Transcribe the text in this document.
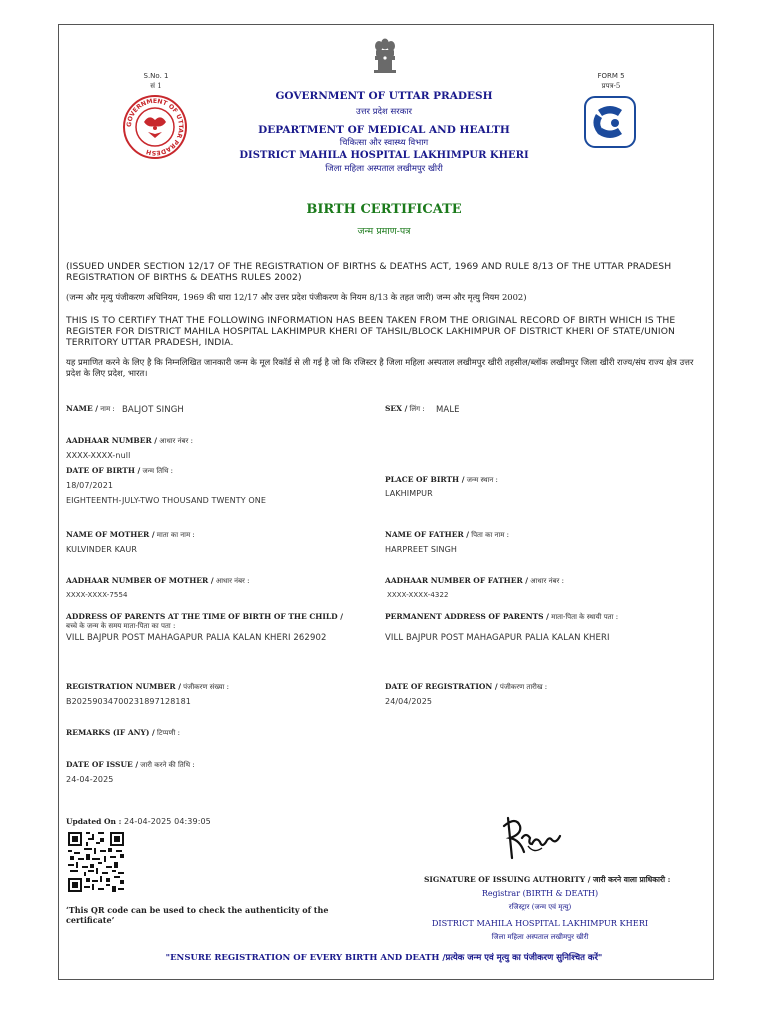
S.No. 1
सं 1
GOVERNMENT OF UTTAR PRADESH
FORM 5
प्रपत्र-5
GOVERNMENT OF UTTAR PRADESH
उत्तर प्रदेश सरकार
DEPARTMENT OF MEDICAL AND HEALTH
चिकित्सा और स्वास्थ्य विभाग
DISTRICT MAHILA HOSPITAL LAKHIMPUR KHERI
जिला महिला अस्पताल लखीमपुर खीरी
BIRTH CERTIFICATE
जन्म प्रमाण-पत्र
(ISSUED UNDER SECTION 12/17 OF THE REGISTRATION OF BIRTHS & DEATHS ACT, 1969 AND RULE 8/13 OF THE UTTAR PRADESH REGISTRATION OF BIRTHS & DEATHS RULES 2002)
(जन्म और मृत्यु पंजीकरण अधिनियम, 1969 की धारा 12/17 और उत्तर प्रदेश पंजीकरण के नियम 8/13 के तहत जारी) जन्म और मृत्यु नियम 2002)
THIS IS TO CERTIFY THAT THE FOLLOWING INFORMATION HAS BEEN TAKEN FROM THE ORIGINAL RECORD OF BIRTH WHICH IS THE REGISTER FOR DISTRICT MAHILA HOSPITAL LAKHIMPUR KHERI OF TAHSIL/BLOCK LAKHIMPUR OF DISTRICT KHERI OF STATE/UNION TERRITORY UTTAR PRADESH, INDIA.
यह प्रमाणित करने के लिए है कि निम्नलिखित जानकारी जन्म के मूल रिकॉर्ड से ली गई है जो कि रजिस्टर है जिला महिला अस्पताल लखीमपुर खीरी तहसील/ब्लॉक लखीमपुर जिला खीरी राज्य/संघ राज्य क्षेत्र उत्तर प्रदेश के लिए प्रदेश, भारत।
NAME / नाम : BALJOT SINGH	SEX / लिंग : MALE
AADHAAR NUMBER / आधार नंबर :
XXXX-XXXX-null
DATE OF BIRTH / जन्म तिथि :
18/07/2021
EIGHTEENTH-JULY-TWO THOUSAND TWENTY ONE
PLACE OF BIRTH / जन्म स्थान :
LAKHIMPUR
NAME OF MOTHER / माता का नाम :
KULVINDER KAUR
NAME OF FATHER / पिता का नाम :
HARPREET SINGH
AADHAAR NUMBER OF MOTHER / आधार नंबर :
XXXX-XXXX-7554
AADHAAR NUMBER OF FATHER / आधार नंबर :
XXXX-XXXX-4322
ADDRESS OF PARENTS AT THE TIME OF BIRTH OF THE CHILD /
बच्चे के जन्म के समय माता-पिता का पता :
VILL BAJPUR POST MAHAGAPUR PALIA KALAN KHERI 262902
PERMANENT ADDRESS OF PARENTS / माता-पिता के स्थायी पता :
VILL BAJPUR POST MAHAGAPUR PALIA KALAN KHERI
REGISTRATION NUMBER / पंजीकरण संख्या :
B20259034700231897128181
DATE OF REGISTRATION / पंजीकरण तारीख :
24/04/2025
REMARKS (IF ANY) / टिप्पणी :
DATE OF ISSUE / जारी करने की तिथि :
24-04-2025
Updated On : 24-04-2025 04:39:05
‘This QR code can be used to check the authenticity of the certificate’
SIGNATURE OF ISSUING AUTHORITY / जारी करने वाला प्राधिकारी :
Registrar (BIRTH & DEATH)
रजिस्ट्रार (जन्म एवं मृत्यु)
DISTRICT MAHILA HOSPITAL LAKHIMPUR KHERI
जिला महिला अस्पताल लखीमपुर खीरी
"ENSURE REGISTRATION OF EVERY BIRTH AND DEATH /प्रत्येक जन्म एवं मृत्यु का पंजीकरण सुनिश्चित करें"
